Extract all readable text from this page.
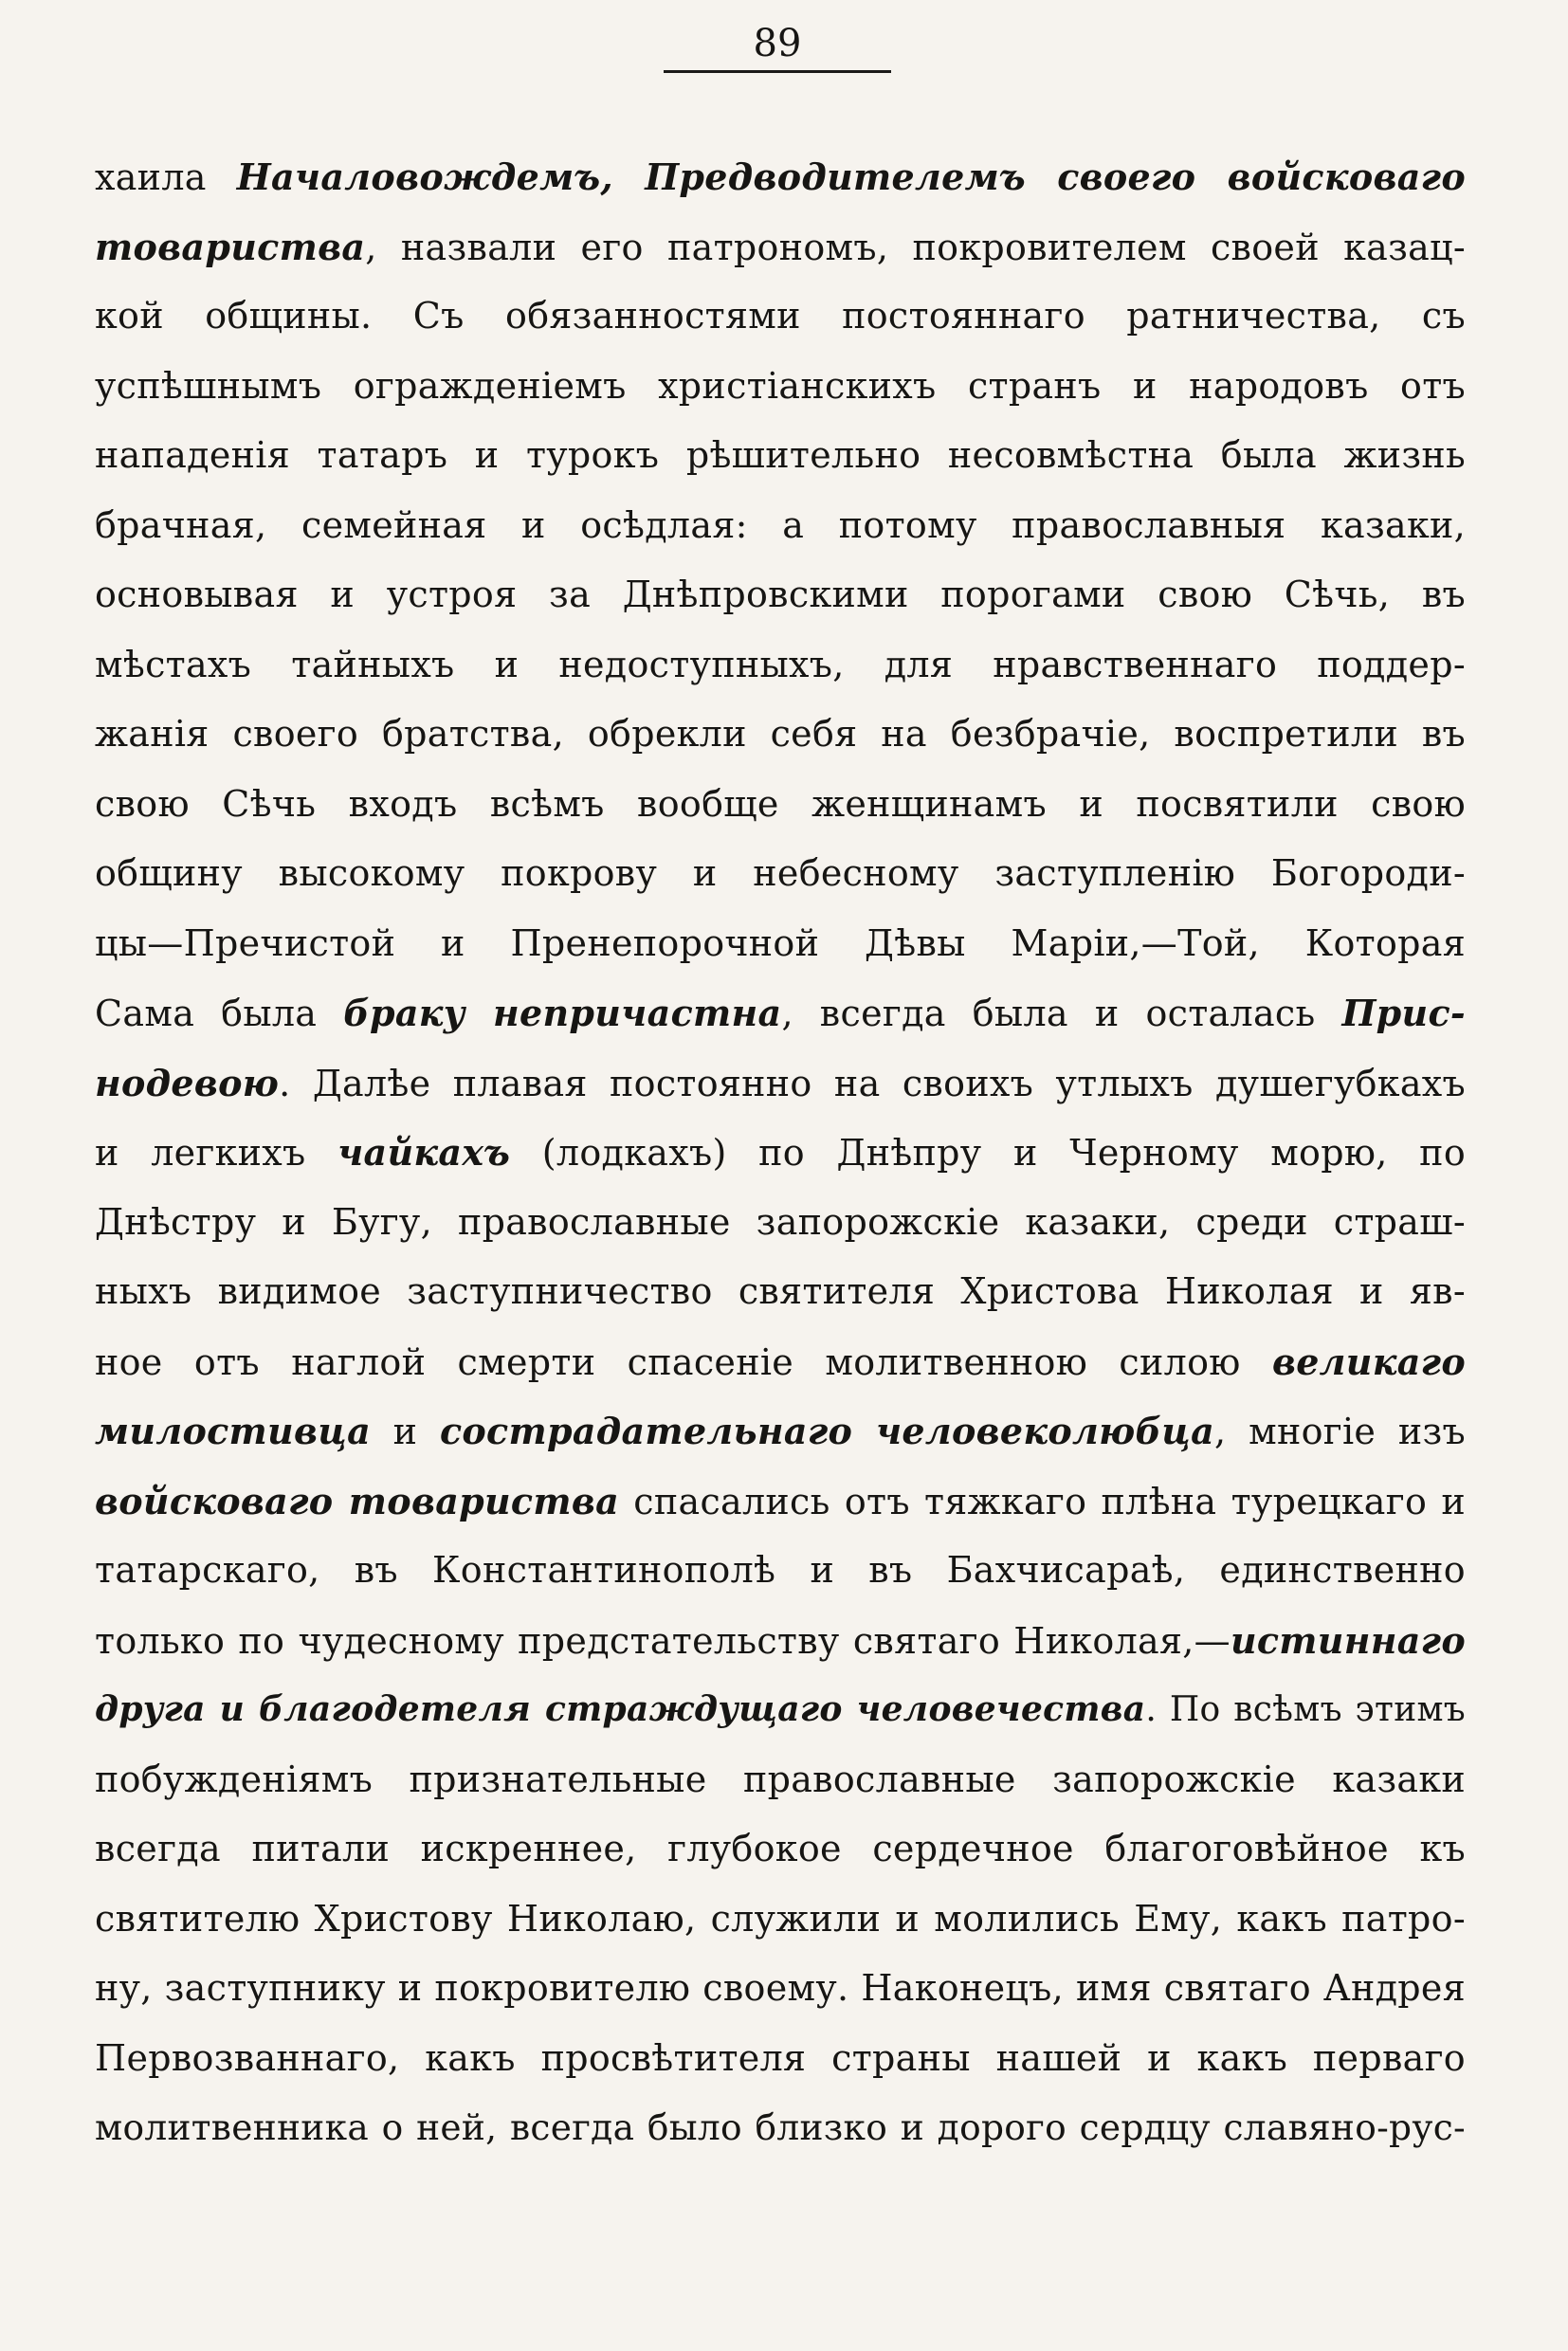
89
хаила Началовождемъ, Предводителемъ своего войсковаго
товариства, назвали его патрономъ, покровителем своей казац-
кой общины. Съ обязанностями постояннаго ратничества, съ
успѣшнымъ огражденіемъ христіанскихъ странъ и народовъ отъ
нападенія татаръ и турокъ рѣшительно несовмѣстна была жизнь
брачная, семейная и осѣдлая: а потому православныя казаки,
основывая и устроя за Днѣпровскими порогами свою Сѣчь, въ
мѣстахъ тайныхъ и недоступныхъ, для нравственнаго поддер-
жанія своего братства, обрекли себя на безбрачіе, воспретили въ
свою Сѣчь входъ всѣмъ вообще женщинамъ и посвятили свою
общину высокому покрову и небесному заступленію Богороди-
цы—Пречистой и Пренепорочной Дѣвы Маріи,—Той, Которая
Сама была браку непричастна, всегда была и осталась Прис-
нодевою. Далѣе плавая постоянно на своихъ утлыхъ душегубкахъ
и легкихъ чайкахъ (лодкахъ) по Днѣпру и Черному морю, по
Днѣстру и Бугу, православные запорожскіе казаки, среди страш-
ныхъ видимое заступничество святителя Христова Николая и яв-
ное отъ наглой смерти спасеніе молитвенною силою великаго
милостивца и сострадательнаго человеколюбца, многіе изъ
войсковаго товариства спасались отъ тяжкаго плѣна турецкаго и
татарскаго, въ Константинополѣ и въ Бахчисараѣ, единственно
только по чудесному предстательству святаго Николая,—истиннаго
друга и благодетеля страждущаго человечества. По всѣмъ этимъ
побужденіямъ признательные православные запорожскіе казаки
всегда питали искреннее, глубокое сердечное благоговѣйное къ
святителю Христову Николаю, служили и молились Ему, какъ патро-
ну, заступнику и покровителю своему. Наконецъ, имя святаго Андрея
Первозваннаго, какъ просвѣтителя страны нашей и какъ перваго
молитвенника о ней, всегда было близко и дорого сердцу славяно-рус-
